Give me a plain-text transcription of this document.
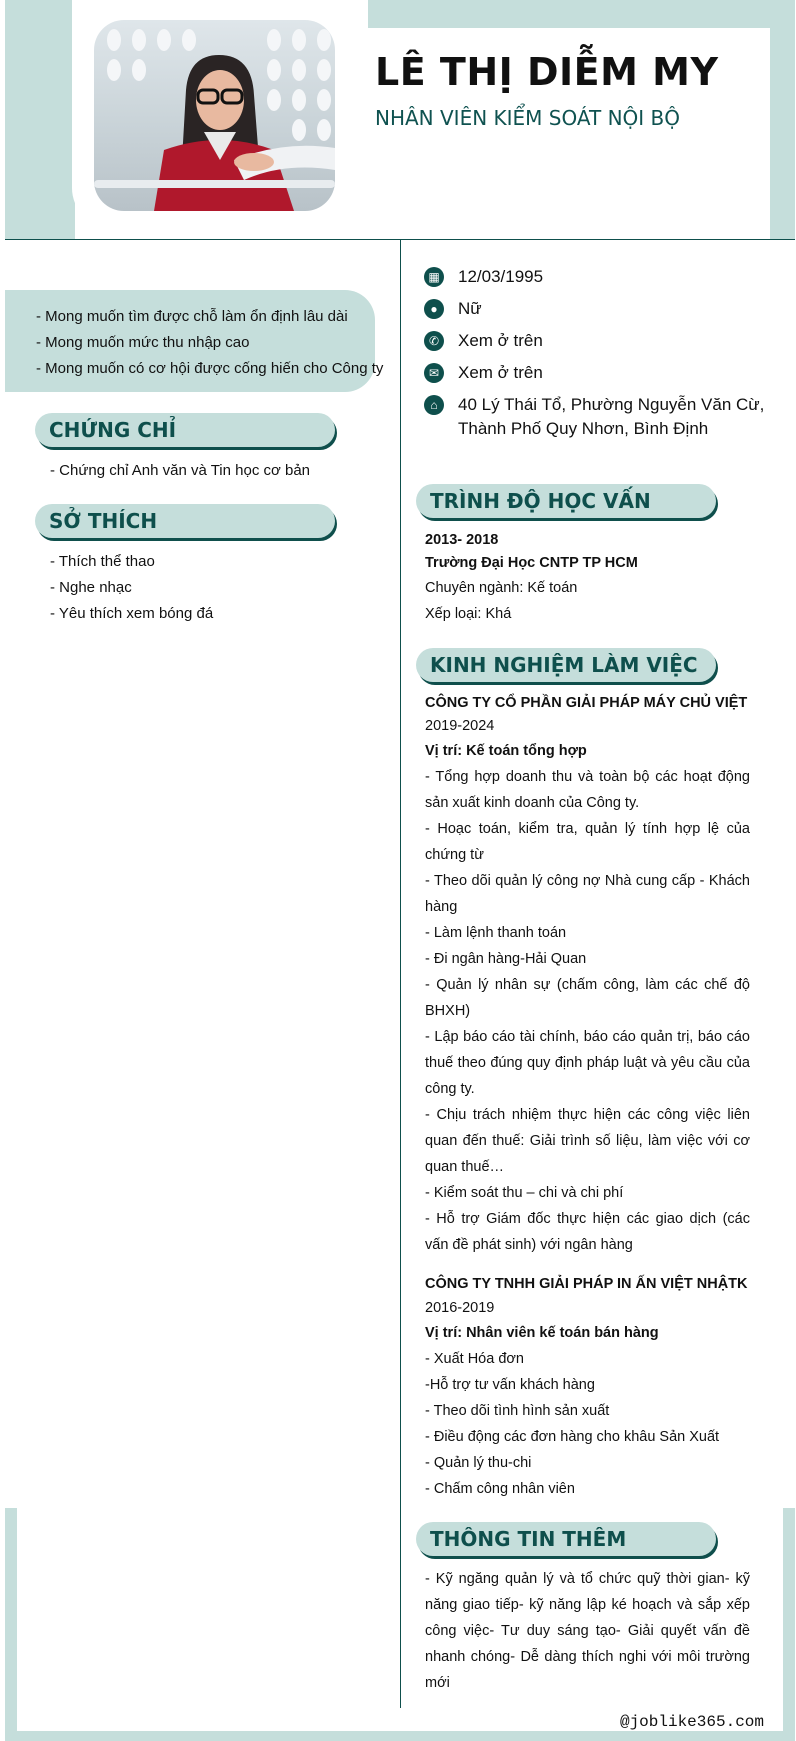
LÊ THỊ DIỄM MY
NHÂN VIÊN KIỂM SOÁT NỘI BỘ
- Mong muốn tìm được chỗ làm ổn định lâu dài
- Mong muốn mức thu nhập cao
- Mong muốn có cơ hội được cống hiến cho Công ty
CHỨNG CHỈ
- Chứng chỉ Anh văn và Tin học cơ bản
SỞ THÍCH
- Thích thể thao
- Nghe nhạc
- Yêu thích xem bóng đá
▦ 12/03/1995
●	Nữ
✆ Xem ở trên
✉ Xem ở trên
⌂	40 Lý Thái Tổ, Phường Nguyễn Văn Cừ,
Thành Phố Quy Nhơn, Bình Định
TRÌNH ĐỘ HỌC VẤN
2013- 2018
Trường Đại Học CNTP TP HCM
Chuyên ngành: Kế toán
Xếp loại: Khá
KINH NGHIỆM LÀM VIỆC
CÔNG TY CỔ PHẦN GIẢI PHÁP MÁY CHỦ VIỆT
2019-2024
Vị trí: Kế toán tổng hợp
- Tổng hợp doanh thu và toàn bộ các hoạt động sản xuất kinh doanh của Công ty.
- Hoạc toán, kiểm tra, quản lý tính hợp lệ của chứng từ
- Theo dõi quản lý công nợ Nhà cung cấp - Khách hàng
- Làm lệnh thanh toán
- Đi ngân hàng-Hải Quan
- Quản lý nhân sự (chấm công, làm các chế độ BHXH)
- Lập báo cáo tài chính, báo cáo quản trị, báo cáo thuế theo đúng quy định pháp luật và yêu cầu của công ty.
- Chịu trách nhiệm thực hiện các công việc liên quan đến thuế: Giải trình số liệu, làm việc với cơ quan thuế…
- Kiểm soát thu – chi và chi phí
- Hỗ trợ Giám đốc thực hiện các giao dịch (các vấn đề phát sinh) với ngân hàng
CÔNG TY TNHH GIẢI PHÁP IN ẤN VIỆT NHẬTK
2016-2019
Vị trí: Nhân viên kế toán bán hàng
- Xuất Hóa đơn
-Hỗ trợ tư vấn khách hàng
- Theo dõi tình hình sản xuất
- Điều động các đơn hàng cho khâu Sản Xuất
- Quản lý thu-chi
- Chấm công nhân viên
THÔNG TIN THÊM
- Kỹ ngăng quản lý và tổ chức quỹ thời gian- kỹ năng giao tiếp- kỹ năng lập ké hoạch và sắp xếp công việc- Tư duy sáng tạo- Giải quyết vấn đề nhanh chóng- Dễ dàng thích nghi với môi trường mới
@joblike365.com
